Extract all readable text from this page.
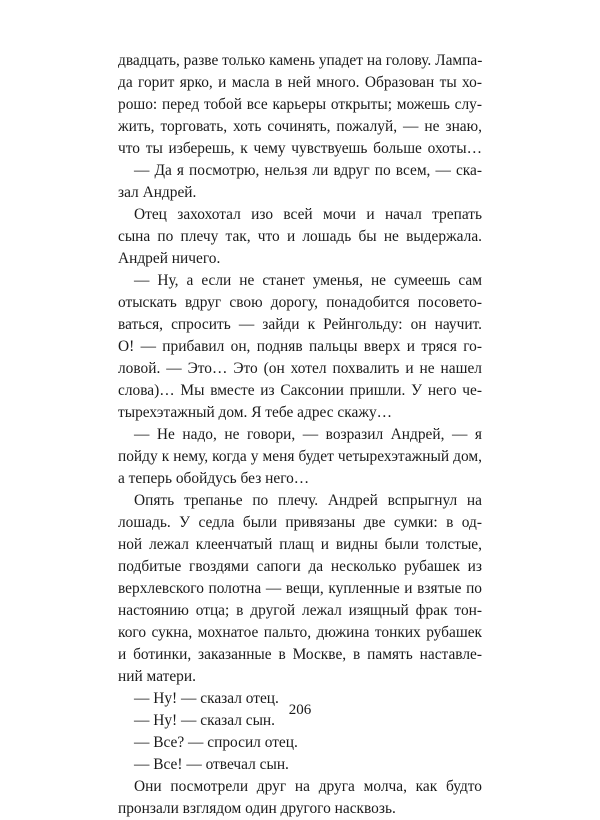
двадцать, разве только камень упадет на голову. Лампа-
да горит ярко, и масла в ней много. Образован ты хо-
рошо: перед тобой все карьеры открыты; можешь слу-
жить, торговать, хоть сочинять, пожалуй, — не знаю,
что ты изберешь, к чему чувствуешь больше охоты…
— Да я посмотрю, нельзя ли вдруг по всем, — ска-
зал Андрей.
Отец захохотал изо всей мочи и начал трепать
сына по плечу так, что и лошадь бы не выдержала.
Андрей ничего.
— Ну, а если не станет уменья, не сумеешь сам
отыскать вдруг свою дорогу, понадобится посовето-
ваться, спросить — зайди к Рейнгольду: он научит.
О! — прибавил он, подняв пальцы вверх и тряся го-
ловой. — Это… Это (он хотел похвалить и не нашел
слова)… Мы вместе из Саксонии пришли. У него че-
тырехэтажный дом. Я тебе адрес скажу…
— Не надо, не говори, — возразил Андрей, — я
пойду к нему, когда у меня будет четырехэтажный дом,
а теперь обойдусь без него…
Опять трепанье по плечу. Андрей вспрыгнул на
лошадь. У седла были привязаны две сумки: в од-
ной лежал клеенчатый плащ и видны были толстые,
подбитые гвоздями сапоги да несколько рубашек из
верхлевского полотна — вещи, купленные и взятые по
настоянию отца; в другой лежал изящный фрак тон-
кого сукна, мохнатое пальто, дюжина тонких рубашек
и ботинки, заказанные в Москве, в память наставле-
ний матери.
— Ну! — сказал отец.
— Ну! — сказал сын.
— Все? — спросил отец.
— Все! — отвечал сын.
Они посмотрели друг на друга молча, как будто
пронзали взглядом один другого насквозь.
206
